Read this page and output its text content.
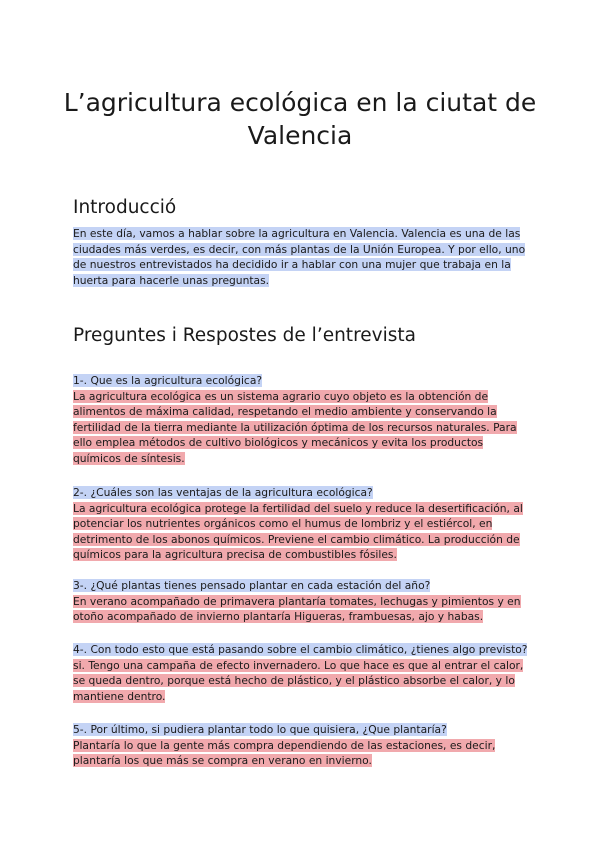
L’agricultura ecológica en la ciutat de Valencia
Introducció

En este día, vamos a hablar sobre la agricultura en Valencia. Valencia es una de las ciudades más verdes, es decir, con más plantas de la Unión Europea. Y por ello, uno de nuestros entrevistados ha decidido ir a hablar con una mujer que trabaja en la huerta para hacerle unas preguntas.

Preguntes i Respostes de l’entrevista
1-. Que es la agricultura ecológica?
La agricultura ecológica es un sistema agrario cuyo objeto es la obtención de alimentos de máxima calidad, respetando el medio ambiente y conservando la fertilidad de la tierra mediante la utilización óptima de los recursos naturales. Para ello emplea métodos de cultivo biológicos y mecánicos y evita los productos químicos de síntesis.
2-. ¿Cuáles son las ventajas de la agricultura ecológica?
La agricultura ecológica protege la fertilidad del suelo y reduce la desertificación, al potenciar los nutrientes orgánicos como el humus de lombriz y el estiércol, en detrimento de los abonos químicos. Previene el cambio climático. La producción de químicos para la agricultura precisa de combustibles fósiles.
3-. ¿Qué plantas tienes pensado plantar en cada estación del año?
En verano acompañado de primavera plantaría tomates, lechugas y pimientos y en otoño acompañado de invierno plantaría Higueras, frambuesas, ajo y habas.
4-. Con todo esto que está pasando sobre el cambio climático, ¿tienes algo previsto?
si. Tengo una campaña de efecto invernadero. Lo que hace es que al entrar el calor, se queda dentro, porque está hecho de plástico, y el plástico absorbe el calor, y lo mantiene dentro.
5-. Por último, si pudiera plantar todo lo que quisiera, ¿Que plantaría?
Plantaría lo que la gente más compra dependiendo de las estaciones, es decir, plantaría los que más se compra en verano en invierno.
